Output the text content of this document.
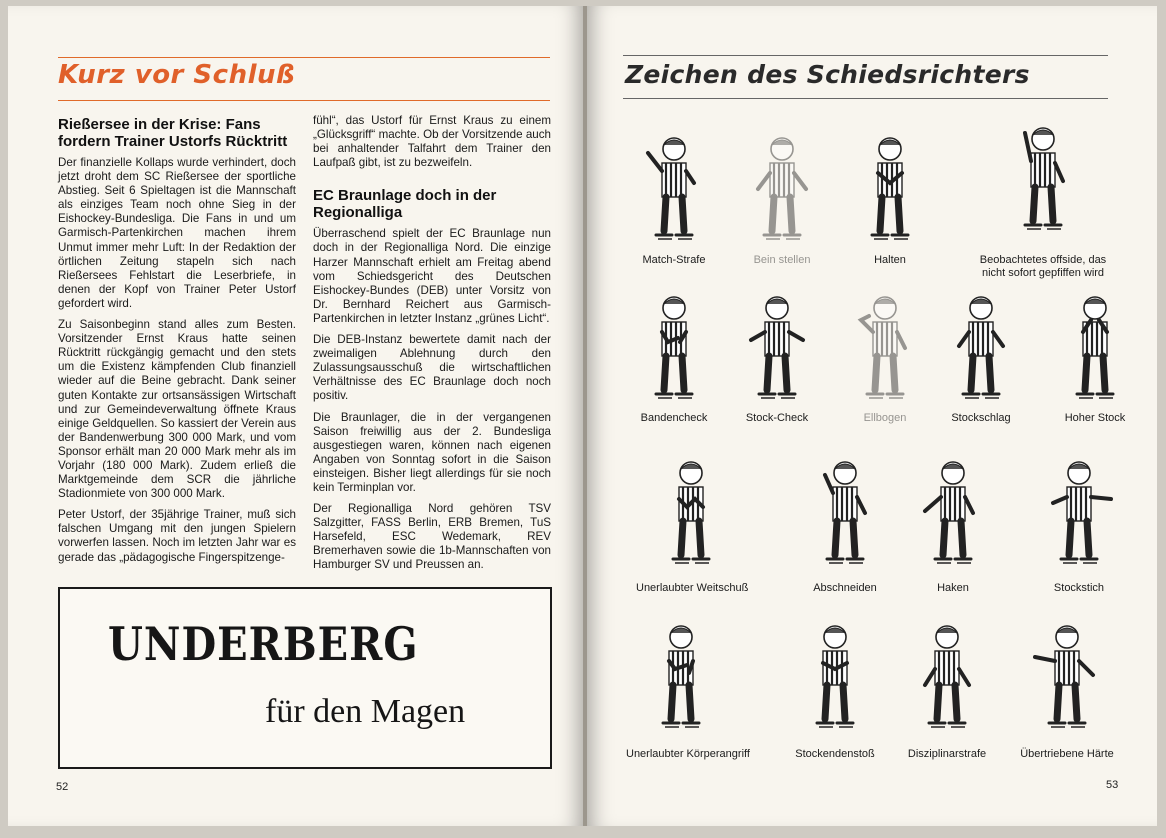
Kurz vor Schluß
Rießersee in der Krise: Fans fordern Trainer Ustorfs Rücktritt

Der finanzielle Kollaps wurde verhindert, doch jetzt droht dem SC Rießersee der sportliche Abstieg. Seit 6 Spieltagen ist die Mannschaft als einziges Team noch ohne Sieg in der Eishockey-Bundesliga. Die Fans in und um Garmisch-Partenkirchen machen ihrem Unmut immer mehr Luft: In der Redaktion der örtlichen Zeitung stapeln sich nach Rießersees Fehlstart die Leserbriefe, in denen der Kopf von Trainer Peter Ustorf gefordert wird.

Zu Saisonbeginn stand alles zum Besten. Vorsitzender Ernst Kraus hatte seinen Rücktritt rückgängig gemacht und den stets um die Existenz kämpfenden Club finanziell wieder auf die Beine gebracht. Dank seiner guten Kontakte zur ortsansässigen Wirtschaft und zur Gemeindeverwaltung öffnete Kraus einige Geldquellen. So kassiert der Verein aus der Bandenwerbung 300 000 Mark, und vom Sponsor erhält man 20 000 Mark mehr als im Vorjahr (180 000 Mark). Zudem erließ die Marktgemeinde dem SCR die jährliche Stadionmiete von 300 000 Mark.

Peter Ustorf, der 35jährige Trainer, muß sich falschen Umgang mit den jungen Spielern vorwerfen lassen. Noch im letzten Jahr war es gerade das „pädagogische Fingerspitzenge-

fühl“, das Ustorf für Ernst Kraus zu einem „Glücksgriff“ machte. Ob der Vorsitzende auch bei anhaltender Talfahrt dem Trainer den Laufpaß gibt, ist zu bezweifeln.

EC Braunlage doch in der Regionalliga

Überraschend spielt der EC Braunlage nun doch in der Regionalliga Nord. Die einzige Harzer Mannschaft erhielt am Freitag abend vom Schiedsgericht des Deutschen Eishockey-Bundes (DEB) unter Vorsitz von Dr. Bernhard Reichert aus Garmisch-Partenkirchen in letzter Instanz „grünes Licht“.

Die DEB-Instanz bewertete damit nach der zweimaligen Ablehnung durch den Zulassungsausschuß die wirtschaftlichen Verhältnisse des EC Braunlage doch noch positiv.

Die Braunlager, die in der vergangenen Saison freiwillig aus der 2. Bundesliga ausgestiegen waren, können nach eigenen Angaben von Sonntag sofort in die Saison einsteigen. Bisher liegt allerdings für sie noch kein Terminplan vor.

Der Regionalliga Nord gehören TSV Salzgitter, FASS Berlin, ERB Bremen, TuS Harsefeld, ESC Wedemark, REV Bremerhaven sowie die 1b-Mannschaften von Hamburger SV und Preussen an.

UNDERBERG
für den Magen
52
Zeichen des Schiedsrichters
Match-Strafe	Bein stellen	Halten	Beobachtetes offside, das nicht sofort gepfiffen wird
Bandencheck	Stock-Check	Ellbogen	Stockschlag	Hoher Stock
Unerlaubter Weitschuß	Abschneiden	Haken	Stockstich
Unerlaubter Körperangriff	Stockendenstoß	Disziplinarstrafe	Übertriebene Härte
53
